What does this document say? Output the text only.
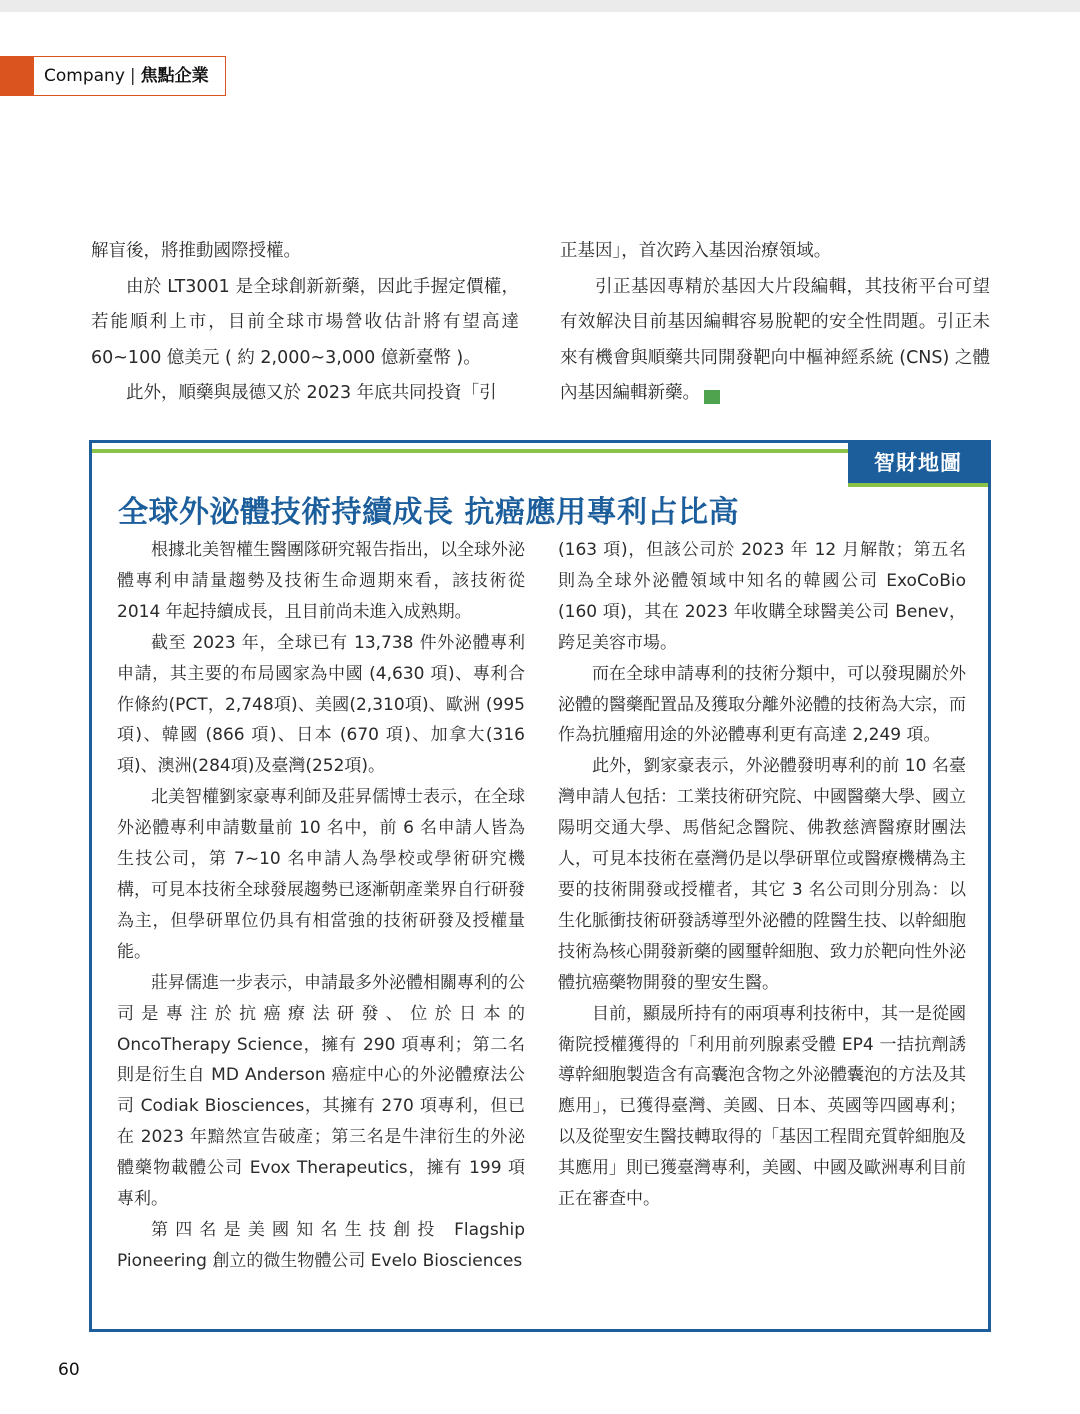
Company | 焦點企業

解盲後，將推動國際授權。

由於 LT3001 是全球創新新藥，因此手握定價權，若能順利上市，目前全球市場營收估計將有望高達 60~100 億美元 ( 約 2,000~3,000 億新臺幣 )。

此外，順藥與晟德又於 2023 年底共同投資「引

正基因」，首次跨入基因治療領域。

引正基因專精於基因大片段編輯，其技術平台可望有效解決目前基因編輯容易脫靶的安全性問題。引正未來有機會與順藥共同開發靶向中樞神經系統 (CNS) 之體內基因編輯新藥。	GBI

智財地圖
全球外泌體技術持續成長 抗癌應用專利占比高

根據北美智權生醫團隊研究報告指出，以全球外泌體專利申請量趨勢及技術生命週期來看，該技術從 2014 年起持續成長，且目前尚未進入成熟期。

截至 2023 年，全球已有 13,738 件外泌體專利申請，其主要的布局國家為中國 (4,630 項)、專利合作條約(PCT，2,748項)、美國(2,310項)、歐洲 (995 項)、韓國 (866 項)、日本 (670 項)、加拿大(316項)、澳洲(284項)及臺灣(252項)。

北美智權劉家豪專利師及莊昇儒博士表示，在全球外泌體專利申請數量前 10 名中，前 6 名申請人皆為生技公司，第 7~10 名申請人為學校或學術研究機構，可見本技術全球發展趨勢已逐漸朝產業界自行研發為主，但學研單位仍具有相當強的技術研發及授權量能。

莊昇儒進一步表示，申請最多外泌體相關專利的公司是專注於抗癌療法研發、位於日本的 OncoTherapy Science，擁有 290 項專利；第二名則是衍生自 MD Anderson 癌症中心的外泌體療法公司 Codiak Biosciences，其擁有 270 項專利，但已在 2023 年黯然宣告破產；第三名是牛津衍生的外泌體藥物載體公司 Evox Therapeutics，擁有 199 項專利。

第四名是美國知名生技創投 Flagship Pioneering 創立的微生物體公司 Evelo Biosciences

(163 項)，但該公司於 2023 年 12 月解散；第五名則為全球外泌體領域中知名的韓國公司 ExoCoBio (160 項)，其在 2023 年收購全球醫美公司 Benev，跨足美容市場。

而在全球申請專利的技術分類中，可以發現關於外泌體的醫藥配置品及獲取分離外泌體的技術為大宗，而作為抗腫瘤用途的外泌體專利更有高達 2,249 項。

此外，劉家豪表示，外泌體發明專利的前 10 名臺灣申請人包括：工業技術研究院、中國醫藥大學、國立陽明交通大學、馬偕紀念醫院、佛教慈濟醫療財團法人，可見本技術在臺灣仍是以學研單位或醫療機構為主要的技術開發或授權者，其它 3 名公司則分別為：以生化脈衝技術研發誘導型外泌體的陞醫生技、以幹細胞技術為核心開發新藥的國璽幹細胞、致力於靶向性外泌體抗癌藥物開發的聖安生醫。

目前，顯晟所持有的兩項專利技術中，其一是從國衛院授權獲得的「利用前列腺素受體 EP4 一拮抗劑誘導幹細胞製造含有高囊泡含物之外泌體囊泡的方法及其應用」，已獲得臺灣、美國、日本、英國等四國專利；以及從聖安生醫技轉取得的「基因工程間充質幹細胞及其應用」則已獲臺灣專利，美國、中國及歐洲專利目前正在審查中。

60
